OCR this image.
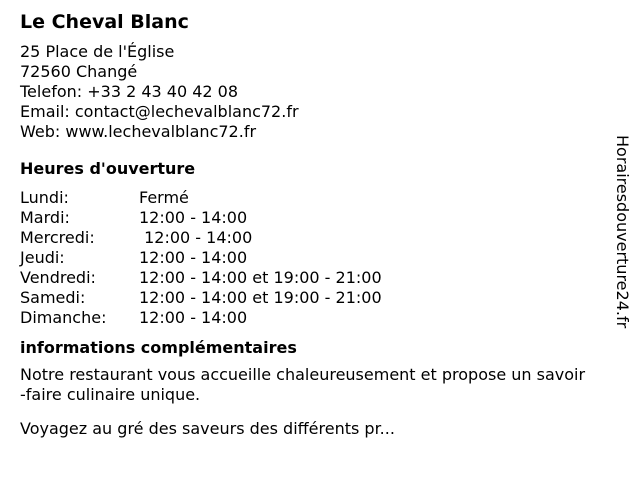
Le Cheval Blanc
25 Place de l'Église
72560 Changé
Telefon: +33 2 43 40 42 08
Email: contact@lechevalblanc72.fr
Web: www.lechevalblanc72.fr
Heures d'ouverture
Lundi:	Fermé
Mardi:	12:00 - 14:00
Mercredi:	12:00 - 14:00
Jeudi:	12:00 - 14:00
Vendredi:	12:00 - 14:00 et 19:00 - 21:00
Samedi:	12:00 - 14:00 et 19:00 - 21:00
Dimanche:	12:00 - 14:00
informations complémentaires
Notre restaurant vous accueille chaleureusement et propose un savoir
-faire culinaire unique.
Voyagez au gré des saveurs des différents pr...
Horairesdouverture24.fr
